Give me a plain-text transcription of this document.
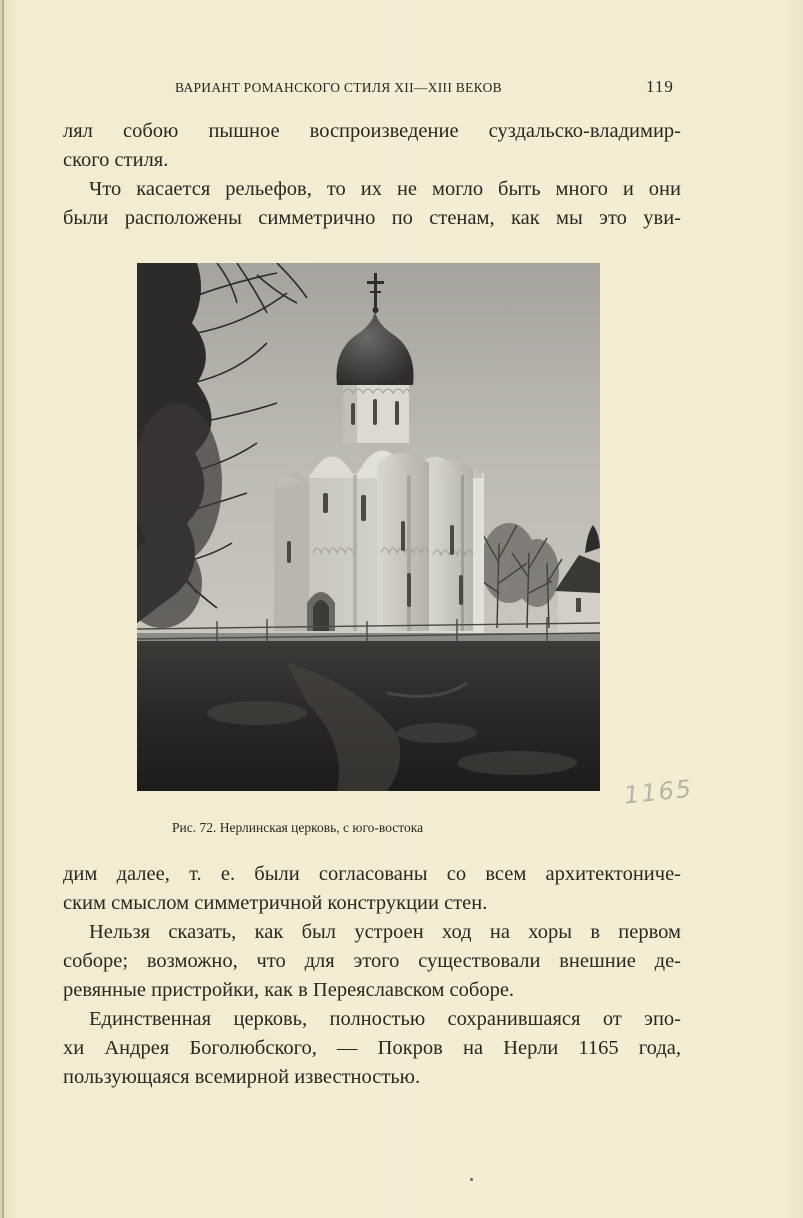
ВАРИАНТ РОМАНСКОГО СТИЛЯ XII—XIII ВЕКОВ	119
лял собою пышное воспроизведение суздальско-владимир-
ского стиля.
Что касается рельефов, то их не могло быть много и они
были расположены симметрично по стенам, как мы это уви-
1165
Рис. 72. Нерлинская церковь, с юго-востока
дим далее, т. е. были согласованы со всем архитектониче-
ским смыслом симметричной конструкции стен.
Нельзя сказать, как был устроен ход на хоры в первом
соборе; возможно, что для этого существовали внешние де-
ревянные пристройки, как в Переяславском соборе.
Единственная церковь, полностью сохранившаяся от эпо-
хи Андрея Боголюбского, — Покров на Нерли 1165 года,
пользующаяся всемирной известностью.
